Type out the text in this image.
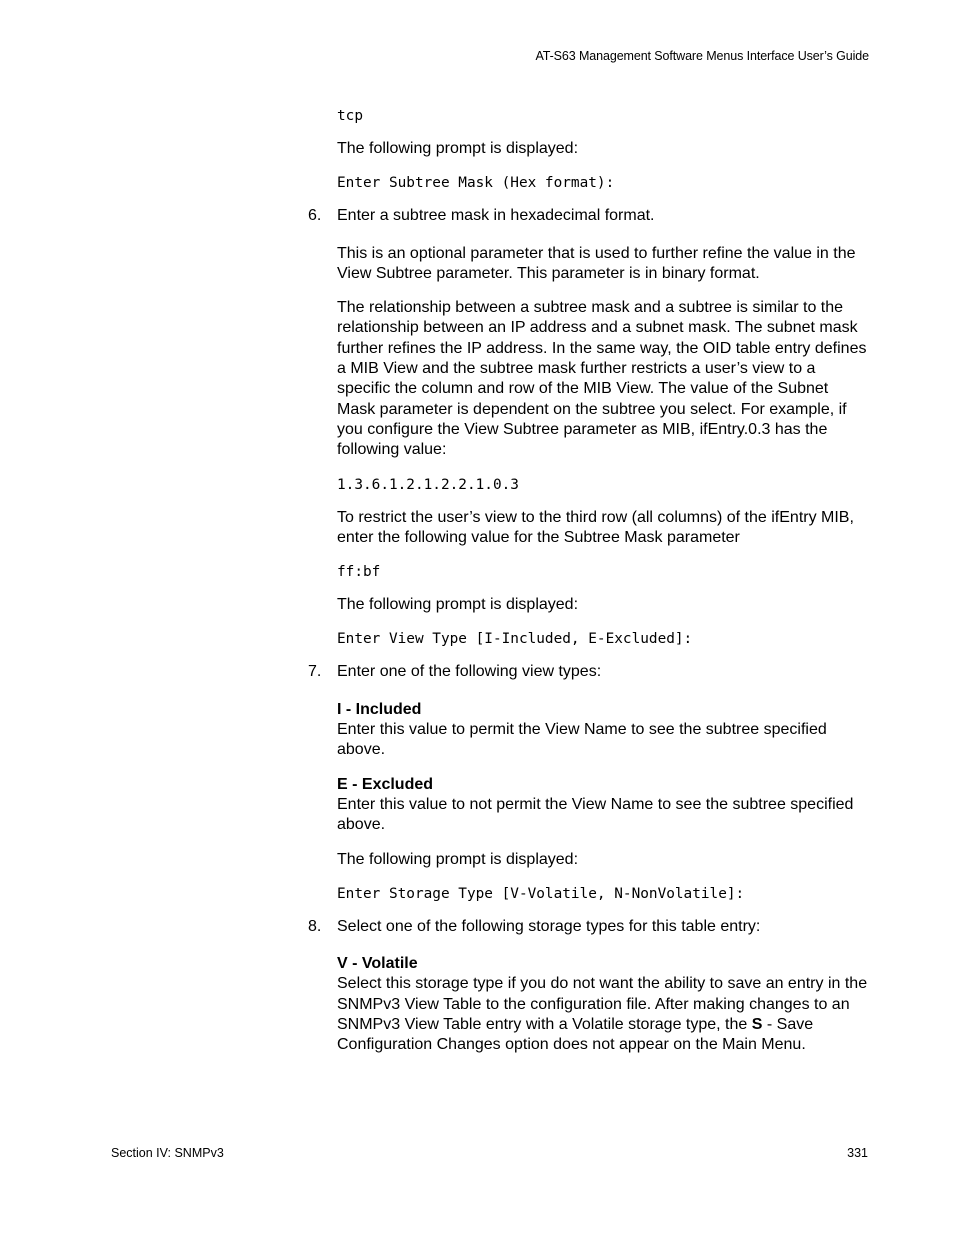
AT-S63 Management Software Menus Interface User’s Guide
tcp

The following prompt is displayed:

Enter Subtree Mask (Hex format):
6. Enter a subtree mask in hexadecimal format.

This is an optional parameter that is used to further refine the value in the View Subtree parameter. This parameter is in binary format.

The relationship between a subtree mask and a subtree is similar to the relationship between an IP address and a subnet mask. The subnet mask further refines the IP address. In the same way, the OID table entry defines a MIB View and the subtree mask further restricts a user’s view to a specific the column and row of the MIB View. The value of the Subnet Mask parameter is dependent on the subtree you select. For example, if you configure the View Subtree parameter as MIB, ifEntry.0.3 has the following value:

1.3.6.1.2.1.2.2.1.0.3

To restrict the user’s view to the third row (all columns) of the ifEntry MIB, enter the following value for the Subtree Mask parameter

ff:bf

The following prompt is displayed:

Enter View Type [I-Included, E-Excluded]:
7. Enter one of the following view types:
I - Included
Enter this value to permit the View Name to see the subtree specified above.
E - Excluded
Enter this value to not permit the View Name to see the subtree specified above.

The following prompt is displayed:

Enter Storage Type [V-Volatile, N-NonVolatile]:
8. Select one of the following storage types for this table entry:
V - Volatile
Select this storage type if you do not want the ability to save an entry in the SNMPv3 View Table to the configuration file. After making changes to an SNMPv3 View Table entry with a Volatile storage type, the S - Save Configuration Changes option does not appear on the Main Menu.
Section IV: SNMPv3	331
